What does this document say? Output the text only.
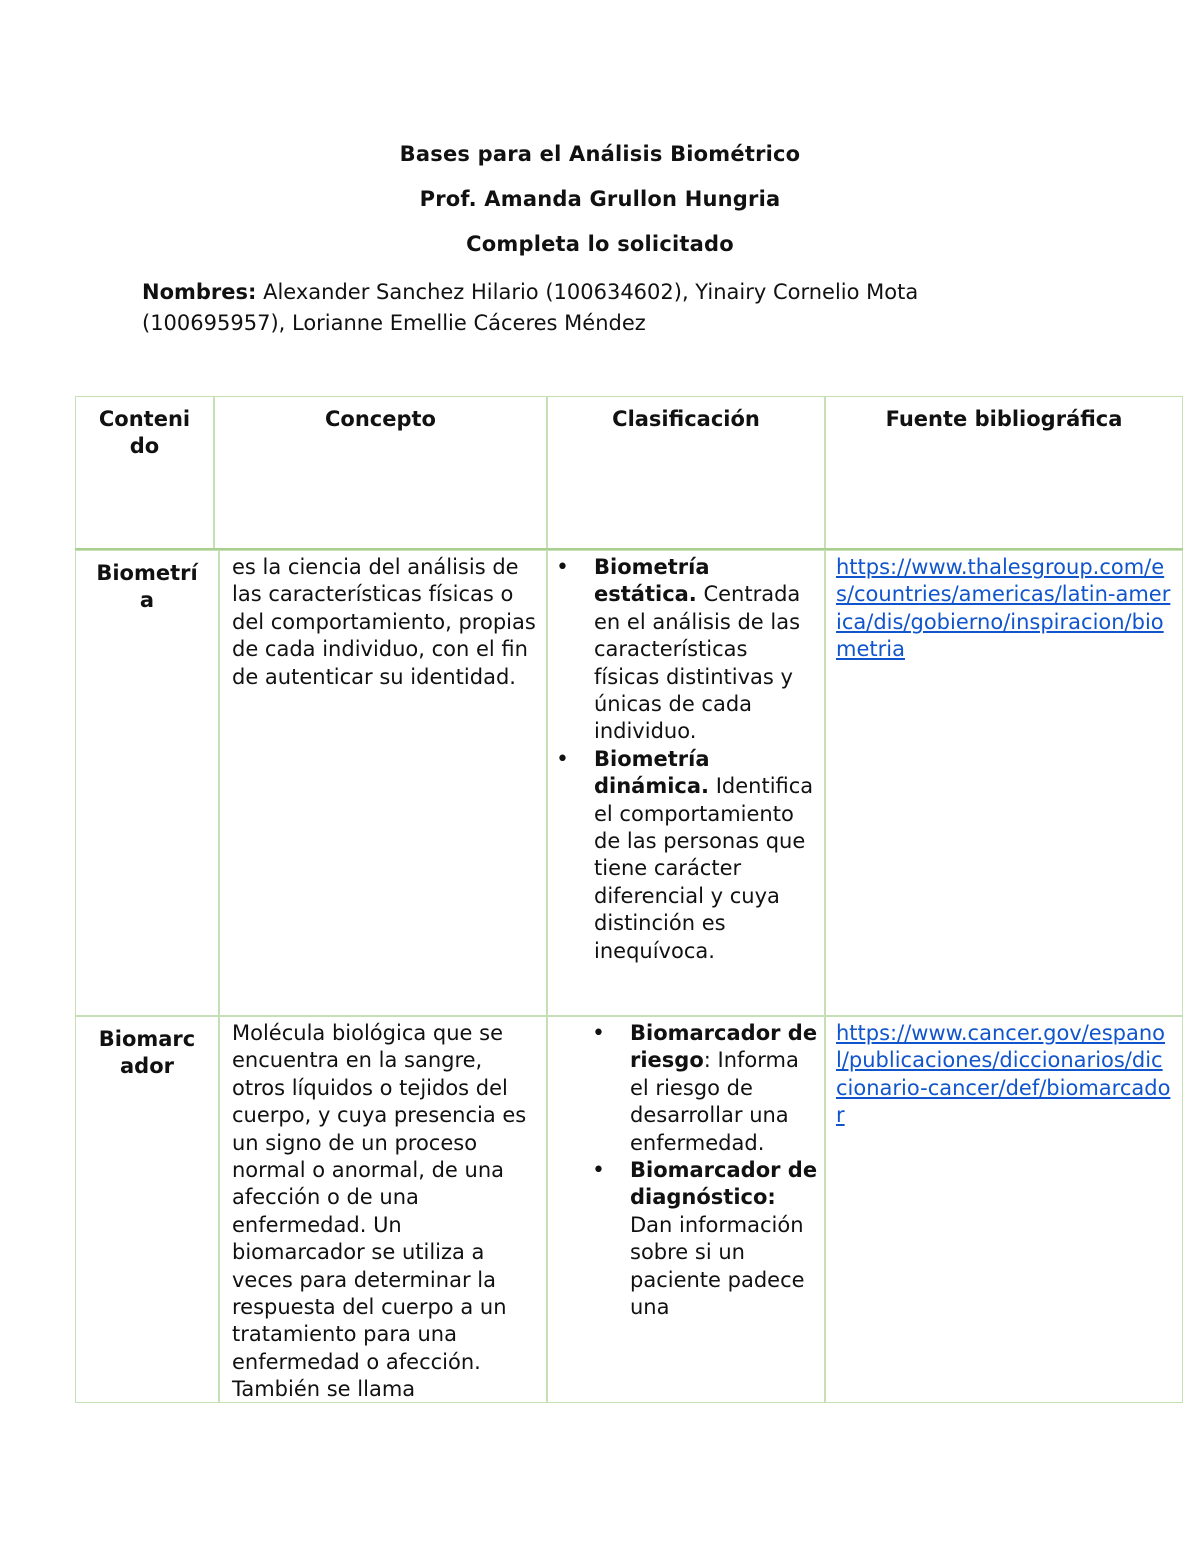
Bases para el Análisis Biométrico
Prof. Amanda Grullon Hungria
Completa lo solicitado
Nombres: Alexander Sanchez Hilario (100634602), Yinairy Cornelio Mota
(100695957), Lorianne Emellie Cáceres Méndez
Conteni
do
Concepto	Clasificación	Fuente bibliográfica
Biometrí
a
es la ciencia del análisis de las características físicas o del comportamiento, propias de cada individuo, con el fin de autenticar su identidad.
• Biometría estática. Centrada en el análisis de las características físicas distintivas y únicas de cada individuo.
• Biometría dinámica. Identifica el comportamiento de las personas que tiene carácter diferencial y cuya distinción es inequívoca.
https://www.thalesgroup.com/es/countries/americas/latin-america/dis/gobierno/inspiracion/biometria
Biomarc
ador
Molécula biológica que se encuentra en la sangre, otros líquidos o tejidos del cuerpo, y cuya presencia es un signo de un proceso normal o anormal, de una afección o de una enfermedad. Un biomarcador se utiliza a veces para determinar la respuesta del cuerpo a un tratamiento para una enfermedad o afección. También se llama
• Biomarcador de riesgo: Informa el riesgo de desarrollar una enfermedad.
• Biomarcador de diagnóstico: Dan información sobre si un paciente padece una
https://www.cancer.gov/espanol/publicaciones/diccionarios/diccionario-cancer/def/biomarcador
